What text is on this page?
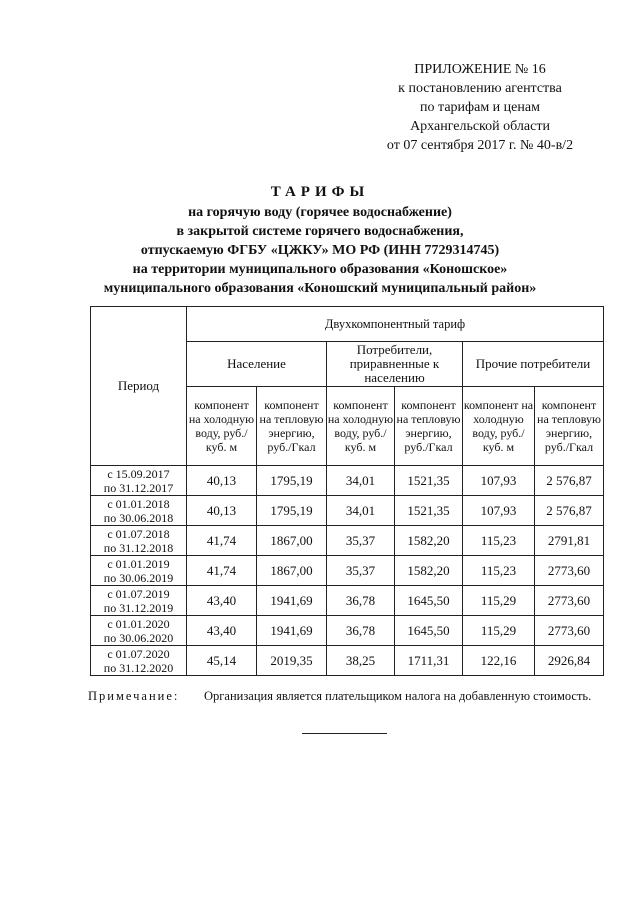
ПРИЛОЖЕНИЕ № 16
к постановлению агентства
по тарифам и ценам
Архангельской области
от 07 сентября 2017 г. № 40-в/2
ТАРИФЫ
на горячую воду (горячее водоснабжение)
в закрытой системе горячего водоснабжения,
отпускаемую ФГБУ «ЦЖКУ» МО РФ (ИНН 7729314745)
на территории муниципального образования «Коношское»
муниципального образования «Коношский муниципальный район»
Период	Двухкомпонентный тариф					
	Население		Потребители, приравненные к населению		Прочие потребители	
	компонент на холодную воду, руб./куб. м	компонент на тепловую энергию, руб./Гкал	компонент на холодную воду, руб./куб. м	компонент на тепловую энергию, руб./Гкал	компонент на холодную воду, руб./куб. м	компонент на тепловую энергию, руб./Гкал

с 15.09.2017
по 31.12.2017	40,13	1795,19	34,01	1521,35	107,93	2 576,87

с 01.01.2018
по 30.06.2018	40,13	1795,19	34,01	1521,35	107,93	2 576,87

с 01.07.2018
по 31.12.2018	41,74	1867,00	35,37	1582,20	115,23	2791,81

с 01.01.2019
по 30.06.2019	41,74	1867,00	35,37	1582,20	115,23	2773,60

с 01.07.2019
по 31.12.2019	43,40	1941,69	36,78	1645,50	115,29	2773,60

с 01.01.2020
по 30.06.2020	43,40	1941,69	36,78	1645,50	115,29	2773,60

с 01.07.2020
по 31.12.2020	45,14	2019,35	38,25	1711,31	122,16	2926,84
Примечание: Организация является плательщиком налога на добавленную стоимость.
